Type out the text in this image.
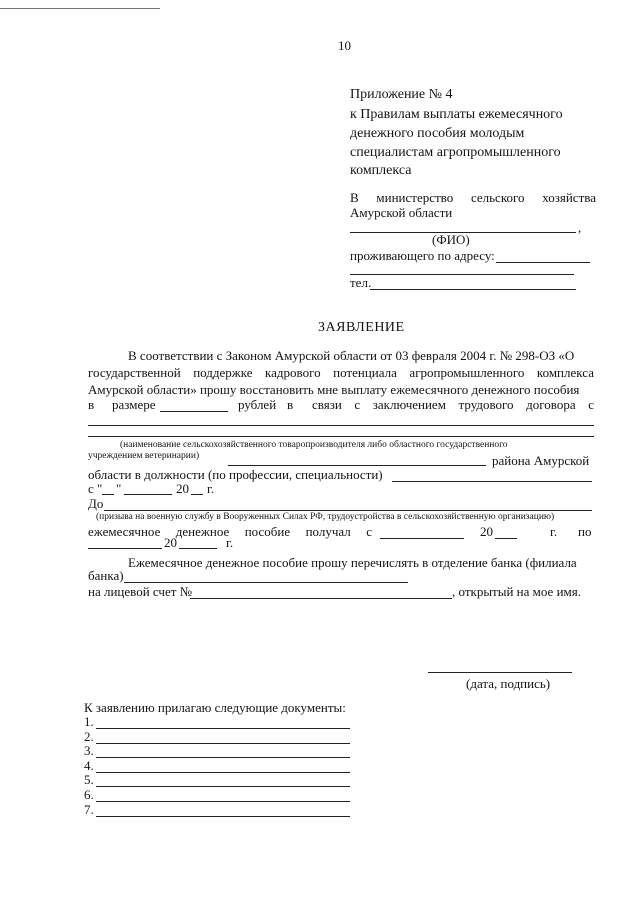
10
Приложение № 4
к Правилам выплаты ежемесячного
денежного пособия молодым
специалистам агропромышленного
комплекса
В министерство сельского хозяйства
Амурской области
,
(ФИО)
проживающего по адресу:
тел.
ЗАЯВЛЕНИЕ
В соответствии с Законом Амурской области от 03 февраля 2004 г. № 298-ОЗ «О
государственной поддержке кадрового потенциала агропромышленного комплекса
Амурской области» прошу восстановить мне выплату ежемесячного денежного пособия
в размере	рублей в связи с заключением трудового договора с
(наименование сельскохозяйственного товаропроизводителя либо областного государственного
учреждением ветеринарии)	района Амурской
области в должности (по профессии, специальности)
с " "	20 г.
До
(призыва на военную службу в Вооруженных Силах РФ, трудоустройства в сельскохозяйственную организацию)
ежемесячное денежное пособие получал с	20	г. по
20	г.
Ежемесячное денежное пособие прошу перечислять в отделение банка (филиала
банка)
на лицевой счет №	, открытый на мое имя.
(дата, подпись)
К заявлению прилагаю следующие документы:
1.
2.
3.
4.
5.
6.
7.
